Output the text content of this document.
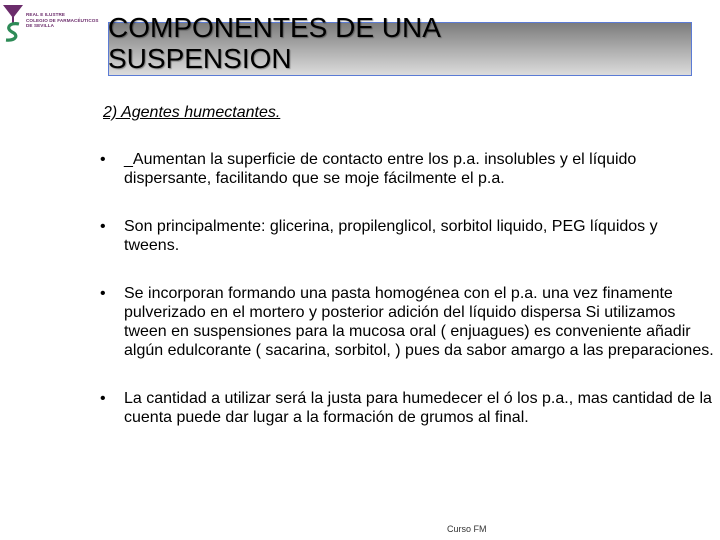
REAL E ILUSTRE
COLEGIO DE FARMACÉUTICOS
DE SEVILLA	COMPONENTES DE UNA SUSPENSION
2) Agentes humectantes.
•	_Aumentan la superficie de contacto entre los p.a. insolubles y el líquido dispersante, facilitando que se moje fácilmente el p.a.
•	Son principalmente: glicerina, propilenglicol, sorbitol liquido, PEG líquidos y tweens.
•	Se incorporan formando una pasta homogénea con el p.a. una vez finamente pulverizado en el mortero y posterior adición del líquido dispersa Si utilizamos tween en suspensiones para la mucosa oral ( enjuagues) es conveniente añadir algún edulcorante ( sacarina, sorbitol, ) pues da sabor amargo a las preparaciones.
•	La cantidad a utilizar será la justa para humedecer el ó los p.a., mas cantidad de la cuenta puede dar lugar a la formación de grumos al final.
Curso FM
